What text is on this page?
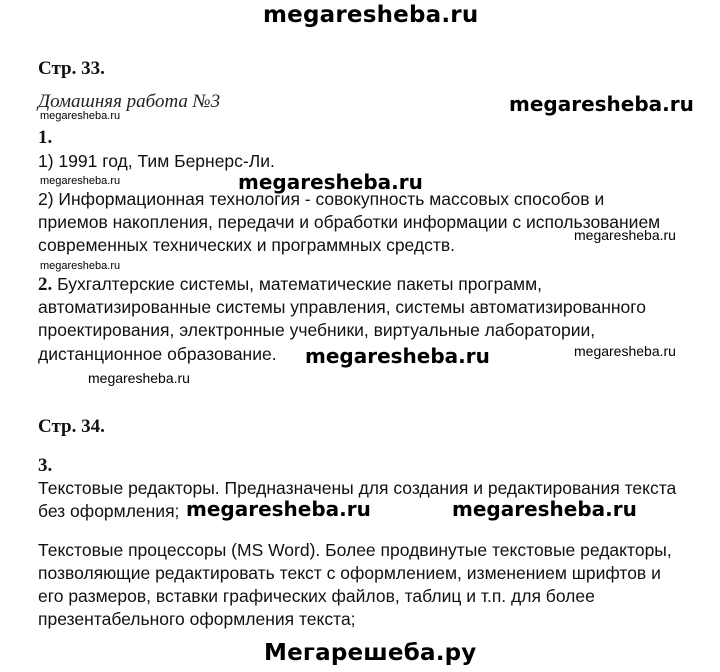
megaresheba.ru
megaresheba.ru
megaresheba.ru
megaresheba.ru	megaresheba.ru
megaresheba.ru
megaresheba.ru
megaresheba.ru	megaresheba.ru
megaresheba.ru
megaresheba.ru	megaresheba.ru
Мегарешеба.ру
Стр. 33.
Домашняя работа №3
1.
1) 1991 год, Тим Бернерс-Ли.
2) Информационная технология - совокупность массовых способов и
приемов накопления, передачи и обработки информации с использованием
современных технических и программных средств.
2. Бухгалтерские системы, математические пакеты программ,
автоматизированные системы управления, системы автоматизированного
проектирования, электронные учебники, виртуальные лаборатории,
дистанционное образование.
Стр. 34.
3.
Текстовые редакторы. Предназначены для создания и редактирования текста
без оформления;
Текстовые процессоры (MS Word). Более продвинутые текстовые редакторы,
позволяющие редактировать текст с оформлением, изменением шрифтов и
его размеров, вставки графических файлов, таблиц и т.п. для более
презентабельного оформления текста;
